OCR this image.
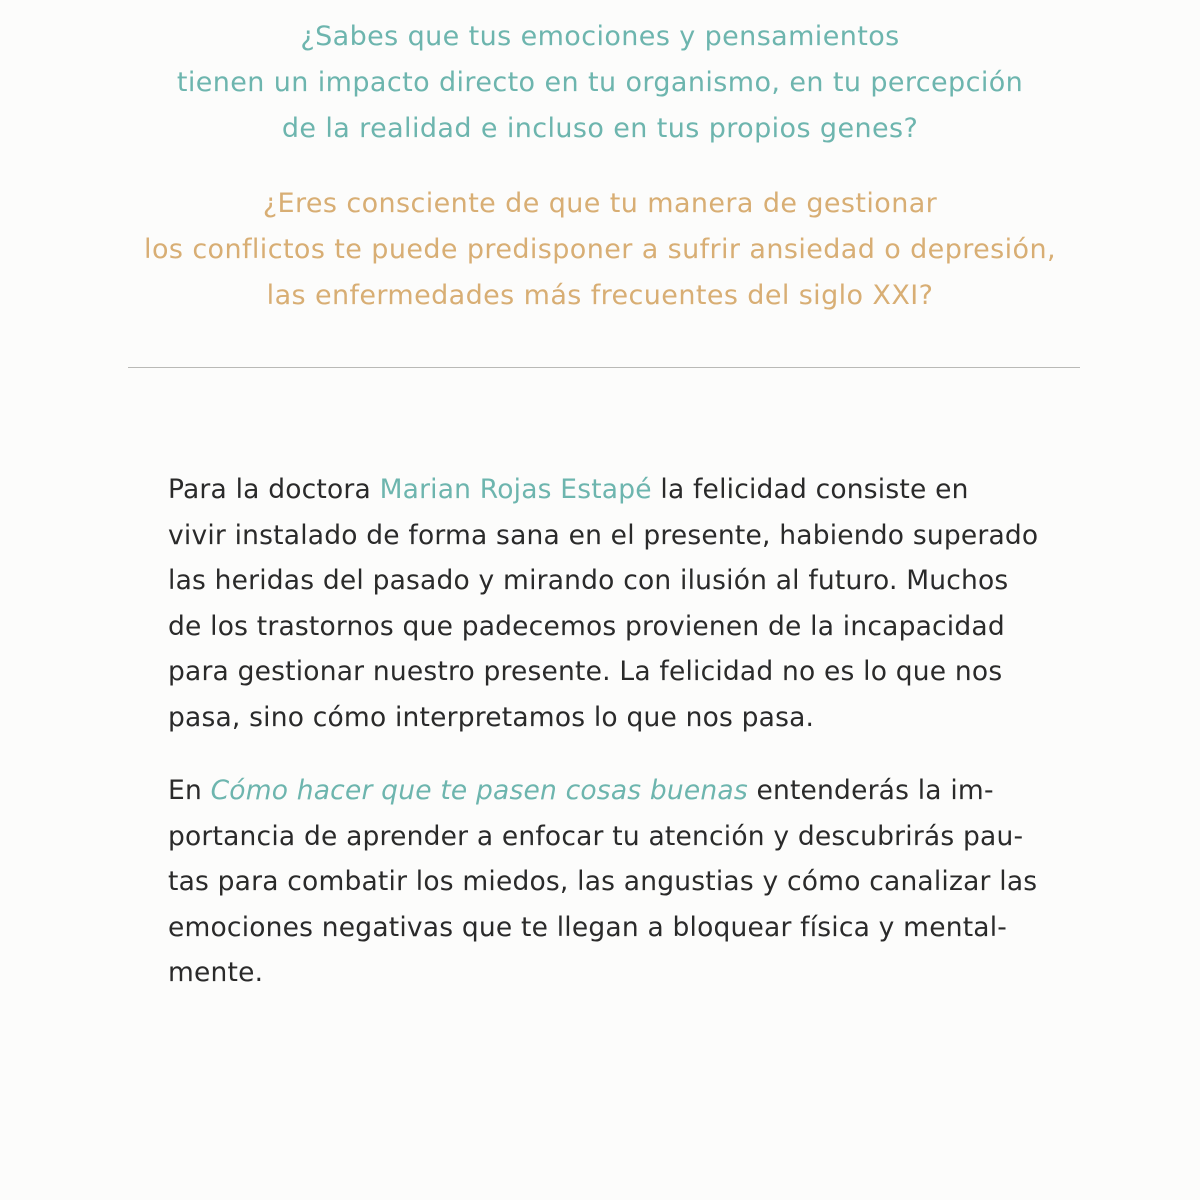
¿Sabes que tus emociones y pensamientos
tienen un impacto directo en tu organismo, en tu percepción
de la realidad e incluso en tus propios genes?
¿Eres consciente de que tu manera de gestionar
los conflictos te puede predisponer a sufrir ansiedad o depresión,
las enfermedades más frecuentes del siglo XXI?
Para la doctora Marian Rojas Estapé la felicidad consiste en
vivir instalado de forma sana en el presente, habiendo superado
las heridas del pasado y mirando con ilusión al futuro. Muchos
de los trastornos que padecemos provienen de la incapacidad
para gestionar nuestro presente. La felicidad no es lo que nos
pasa, sino cómo interpretamos lo que nos pasa.
En Cómo hacer que te pasen cosas buenas entenderás la im-
portancia de aprender a enfocar tu atención y descubrirás pau-
tas para combatir los miedos, las angustias y cómo canalizar las
emociones negativas que te llegan a bloquear física y mental-
mente.
